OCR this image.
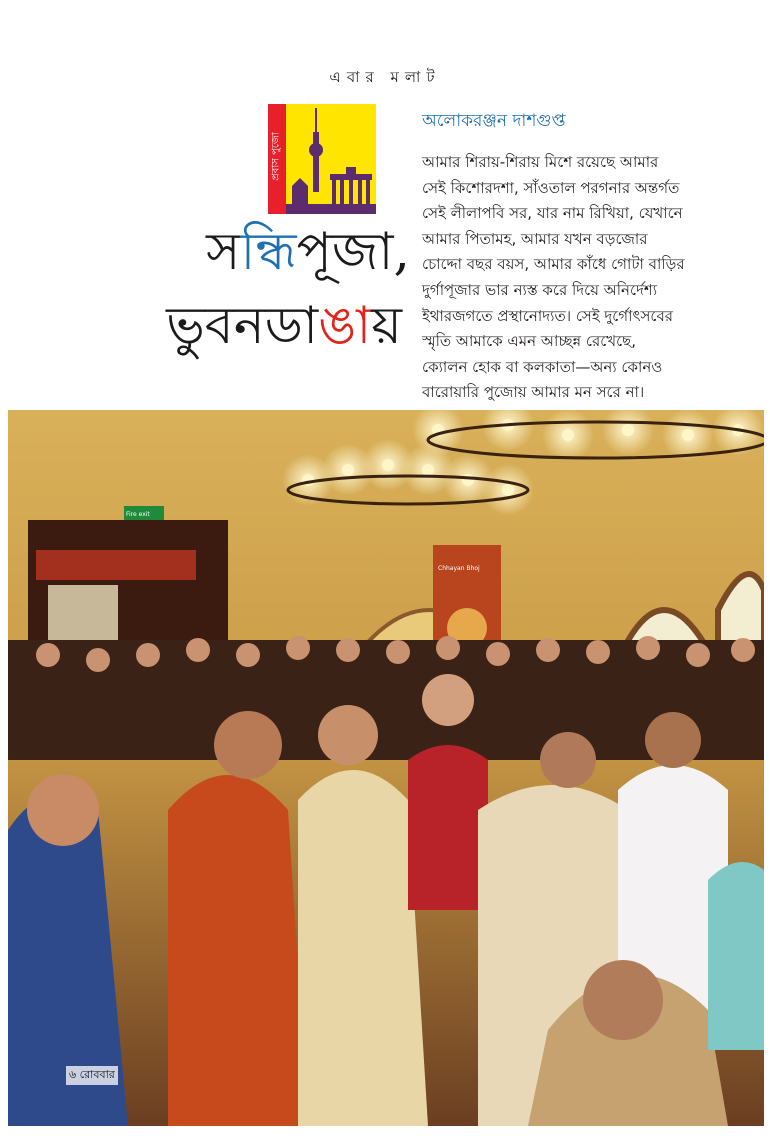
এবার মলাট
প্রবাস পুজো
অলোকরঞ্জন দাশগুপ্ত

আমার শিরায়-শিরায় মিশে রয়েছে আমার
সেই কিশোরদশা, সাঁওতাল পরগনার অন্তর্গত
সেই লীলাপবি সর, যার নাম রিখিয়া, যেখানে
আমার পিতামহ, আমার যখন বড়জোর
চোদ্দো বছর বয়স, আমার কাঁধে গোটা বাড়ির
দুর্গাপূজার ভার ন্যস্ত করে দিয়ে অনির্দেশ্য
ইথারজগতে প্রস্থানোদ্যত। সেই দুর্গোৎসবের
স্মৃতি আমাকে এমন আচ্ছন্ন রেখেছে,
ক্যোলন হোক বা কলকাতা—অন্য কোনও
বারোয়ারি পুজোয় আমার মন সরে না।

সন্ধিপূজা,
ভুবনডাঙায়
Fire exit
Chhayan Bhoj
৬ রোববার
